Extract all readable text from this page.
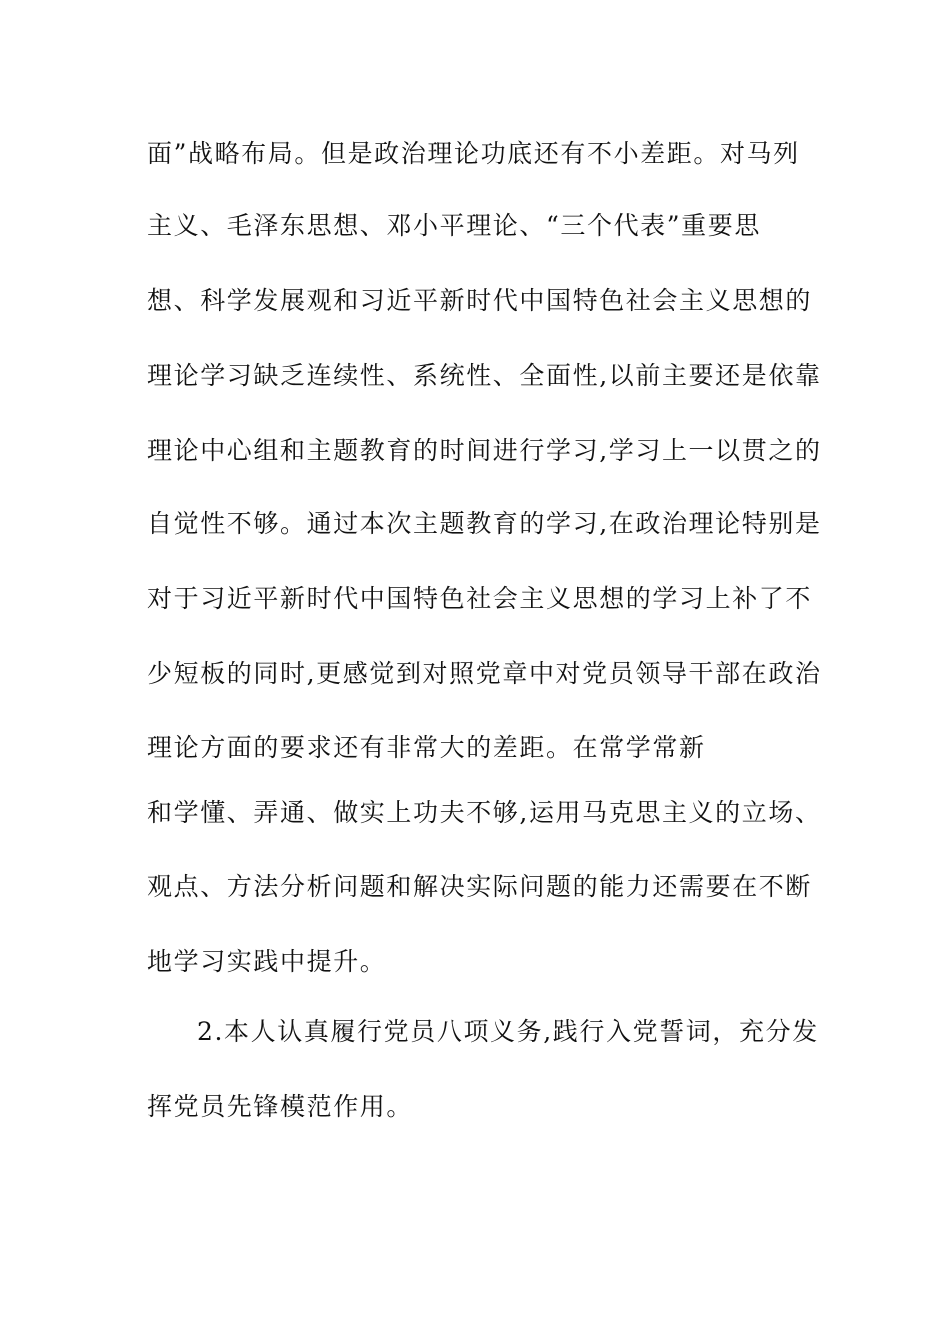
面”战略布局。但是政治理论功底还有不小差距。对马列

主义、毛泽东思想、邓小平理论、“三个代表”重要思

想、科学发展观和习近平新时代中国特色社会主义思想的

理论学习缺乏连续性、系统性、全面性,以前主要还是依靠

理论中心组和主题教育的时间进行学习,学习上一以贯之的

自觉性不够。通过本次主题教育的学习,在政治理论特别是

对于习近平新时代中国特色社会主义思想的学习上补了不

少短板的同时,更感觉到对照党章中对党员领导干部在政治

理论方面的要求还有非常大的差距。在常学常新

和学懂、弄通、做实上功夫不够,运用马克思主义的立场、

观点、方法分析问题和解决实际问题的能力还需要在不断

地学习实践中提升。

2.本人认真履行党员八项义务,践行入党誓词，充分发

挥党员先锋模范作用。
